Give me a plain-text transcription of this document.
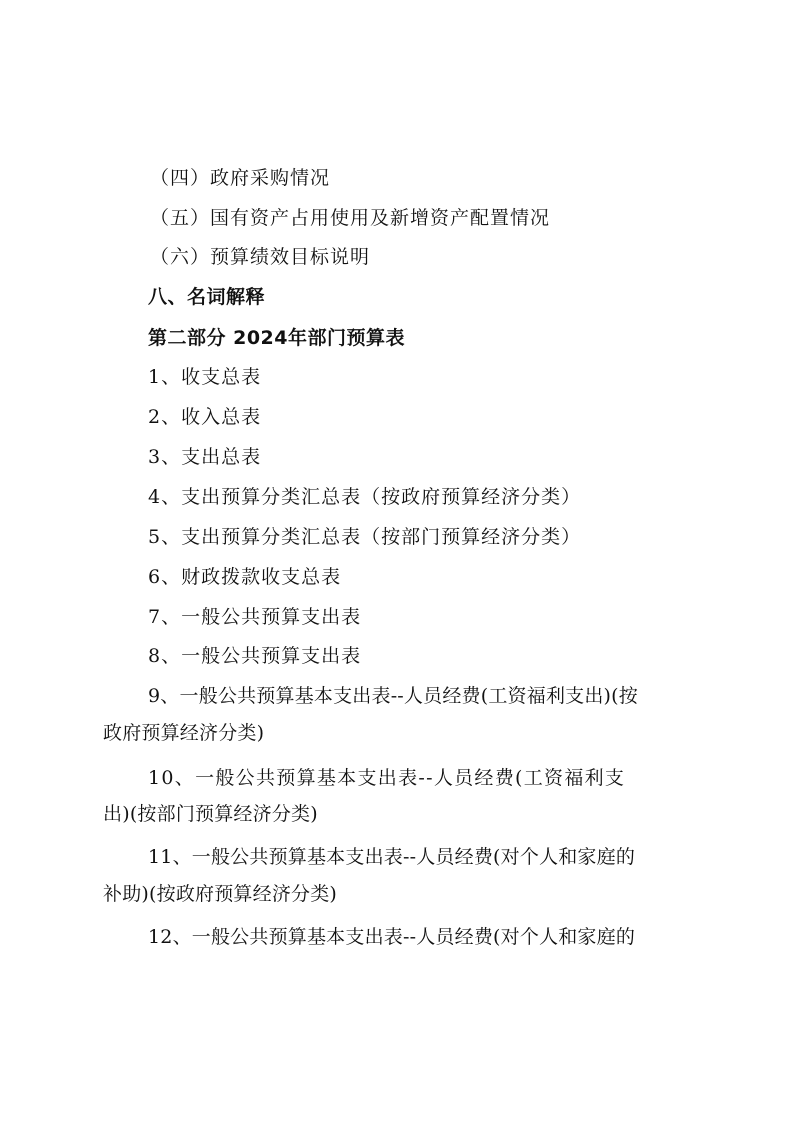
（四）政府采购情况
（五）国有资产占用使用及新增资产配置情况
（六）预算绩效目标说明
八、名词解释
第二部分 2024年部门预算表
1、收支总表
2、收入总表
3、支出总表
4、支出预算分类汇总表（按政府预算经济分类）
5、支出预算分类汇总表（按部门预算经济分类）
6、财政拨款收支总表
7、一般公共预算支出表
8、一般公共预算支出表
9、一般公共预算基本支出表--人员经费(工资福利支出)(按
政府预算经济分类)
10、一般公共预算基本支出表--人员经费(工资福利支
出)(按部门预算经济分类)
11、一般公共预算基本支出表--人员经费(对个人和家庭的
补助)(按政府预算经济分类)
12、一般公共预算基本支出表--人员经费(对个人和家庭的
